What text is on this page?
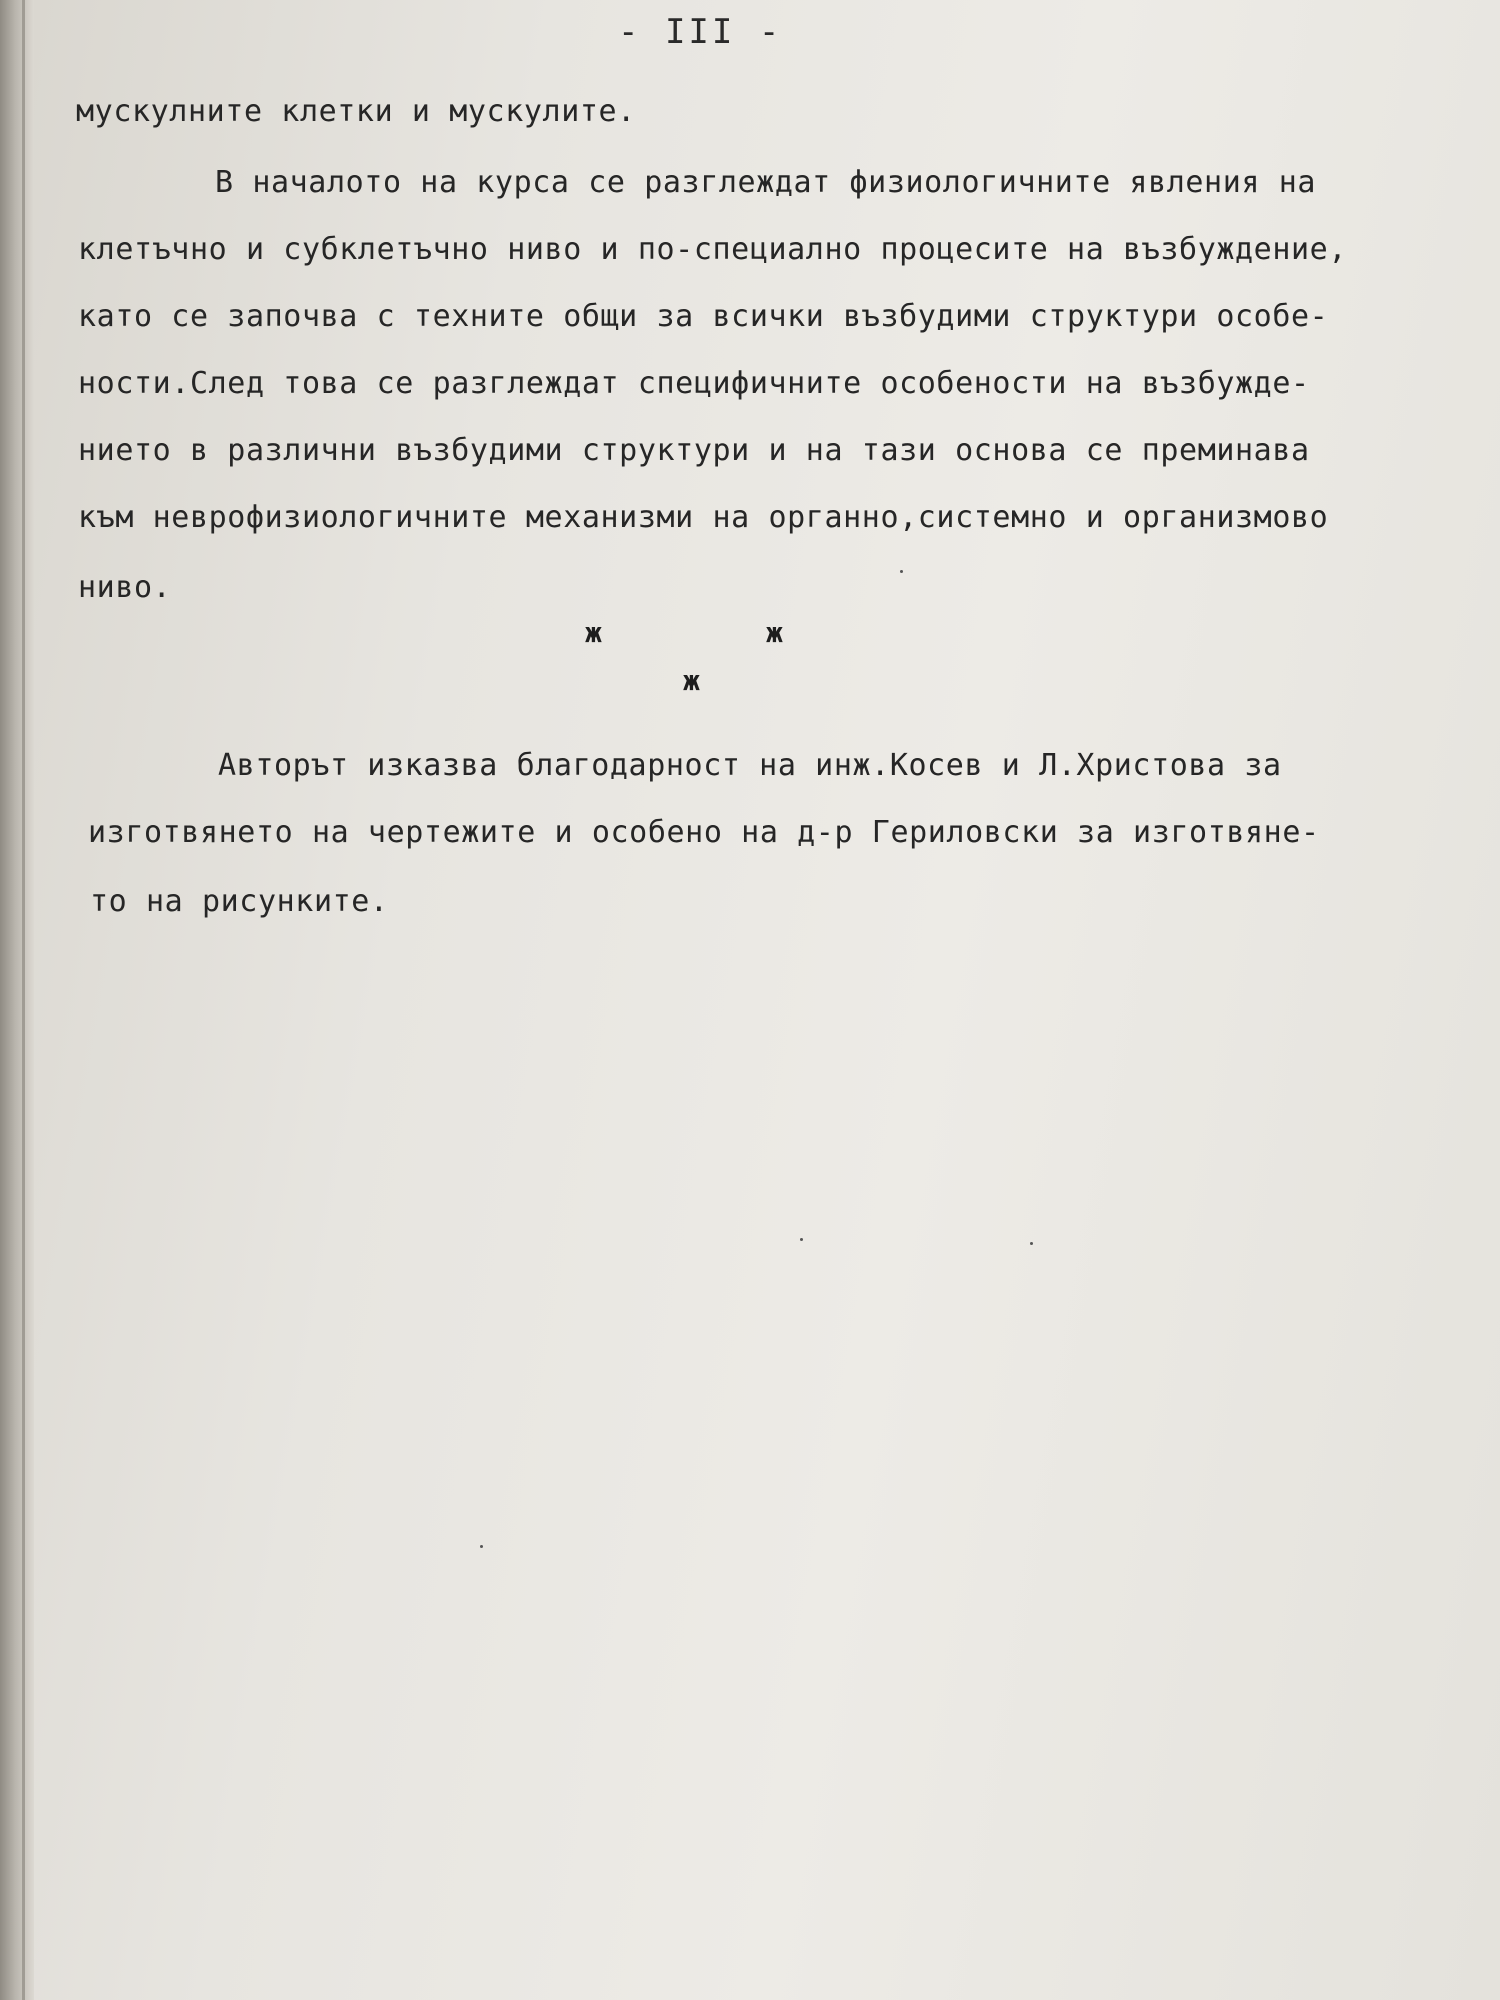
- III -

мускулните клетки и мускулите.

В началото на курса се разглеждат физиологичните явления на

клетъчно и субклетъчно ниво и по-специално процесите на възбуждение,

като се започва с техните общи за всички възбудими структури особе-

ности.След това се разглеждат специфичните особености на възбужде-

нието в различни възбудими структури и на тази основа се преминава

към неврофизиологичните механизми на органно,системно и организмово

ниво.

ж	ж
ж

Авторът изказва благодарност на инж.Косев и Л.Христова за

изготвянето на чертежите и особено на д-р Гериловски за изготвяне-

то на рисунките.
